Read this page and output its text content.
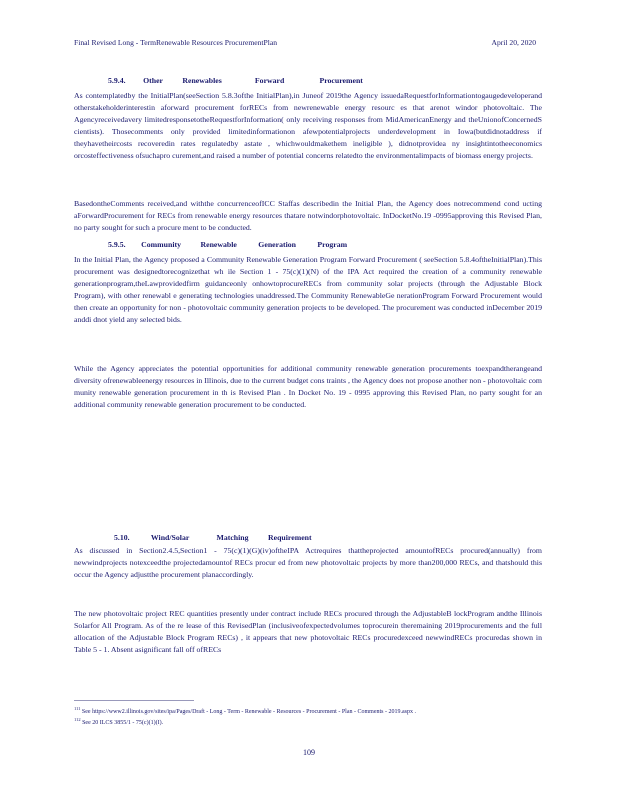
Final Revised Long - TermRenewable Resources ProcurementPlan	April 20, 2020
5.9.4.         Other          Renewables                 Forward                  Procurement

As contemplatedby the InitialPlan(seeSection 5.8.3ofthe InitialPlan),in Juneof 2019the Agency issuedaRequestforInformationtogaugedeveloperand otherstakeholderinterestin aforward procurement forRECs from newrenewable energy resourc es that arenot windor photovoltaic. The Agencyreceivedavery limitedresponsetotheRequestforInformation( only receiving responses from MidAmericanEnergy and theUnionofConcernedS cientists). Thosecomments only provided limitedinformationon afewpotentialprojects underdevelopment in Iowa(butdidnotaddress if theyhavetheircosts recoveredin rates regulatedby astate , whichwouldmakethem ineligible ), didnotprovidea ny insightintotheeconomics orcosteffectiveness ofsuchapro curement,and raised a number of potential concerns relatedto the environmentalimpacts of biomass energy projects.

BasedontheComments received,and withthe concurrenceofICC Staffas describedin the Initial Plan, the Agency does notrecommend cond ucting aForwardProcurement for RECs from renewable energy resources thatare notwindorphotovoltaic. InDocketNo.19 -0995approving this Revised Plan, no party sought for such a procure ment to be conducted.

5.9.5.        Community          Renewable           Generation           Program

In the Initial Plan, the Agency proposed a Community Renewable Generation Program Forward Procurement ( seeSection 5.8.4oftheInitialPlan).This procurement was designedtorecognizethat wh ile Section 1 - 75(c)(1)(N) of the IPA Act required the creation of a community renewable generationprogram,theLawprovidedfirm guidanceonly onhowtoprocureRECs from community solar projects (through the Adjustable Block Program), with other renewabl e generating technologies unaddressed.The Community RenewableGe nerationProgram Forward Procurement would then create an opportunity for non - photovoltaic community generation projects to be developed. The procurement was conducted inDecember 2019 anddi dnot yield any selected bids.

While the Agency appreciates the potential opportunities for additional community renewable generation procurements toexpandtherangeand diversity ofrenewableenergy resources in Illinois, due to the current budget cons traints , the Agency does not propose another non - photovoltaic com munity renewable generation procurement in th is Revised Plan . In Docket No. 19 - 0995 approving this Revised Plan, no party sought for an additional community renewable generation procurement to be conducted.

5.10.           Wind/Solar              Matching          Requirement

As discussed in Section2.4.5,Section1 - 75(c)(1)(G)(iv)oftheIPA Actrequires thattheprojected amountofRECs procured(annually) from newwindprojects notexceedthe projectedamountof RECs procur ed from new photovoltaic projects by more than200,000 RECs, and thatshould this occur the Agency adjustthe procurement planaccordingly.

The new photovoltaic project REC quantities presently under contract include RECs procured through the AdjustableB lockProgram andthe Illinois Solarfor All Program. As of the re lease of this RevisedPlan (inclusiveofexpectedvolumes toprocurein theremaining 2019procurements and the full allocation of the Adjustable Block Program RECs) , it appears that new photovoltaic RECs procuredexceed newwindRECs procuredas shown in Table 5 - 1. Absent asignificant fall off ofRECs

$^{111}$ See https://www2.illinois.gov/sites/ipa/Pages/Draft - Long - Term - Renewable - Resources - Procurement - Plan - Comments - 2019.aspx .
$^{112}$ See 20 ILCS 3855/1 - 75(c)(1)(I).
109
